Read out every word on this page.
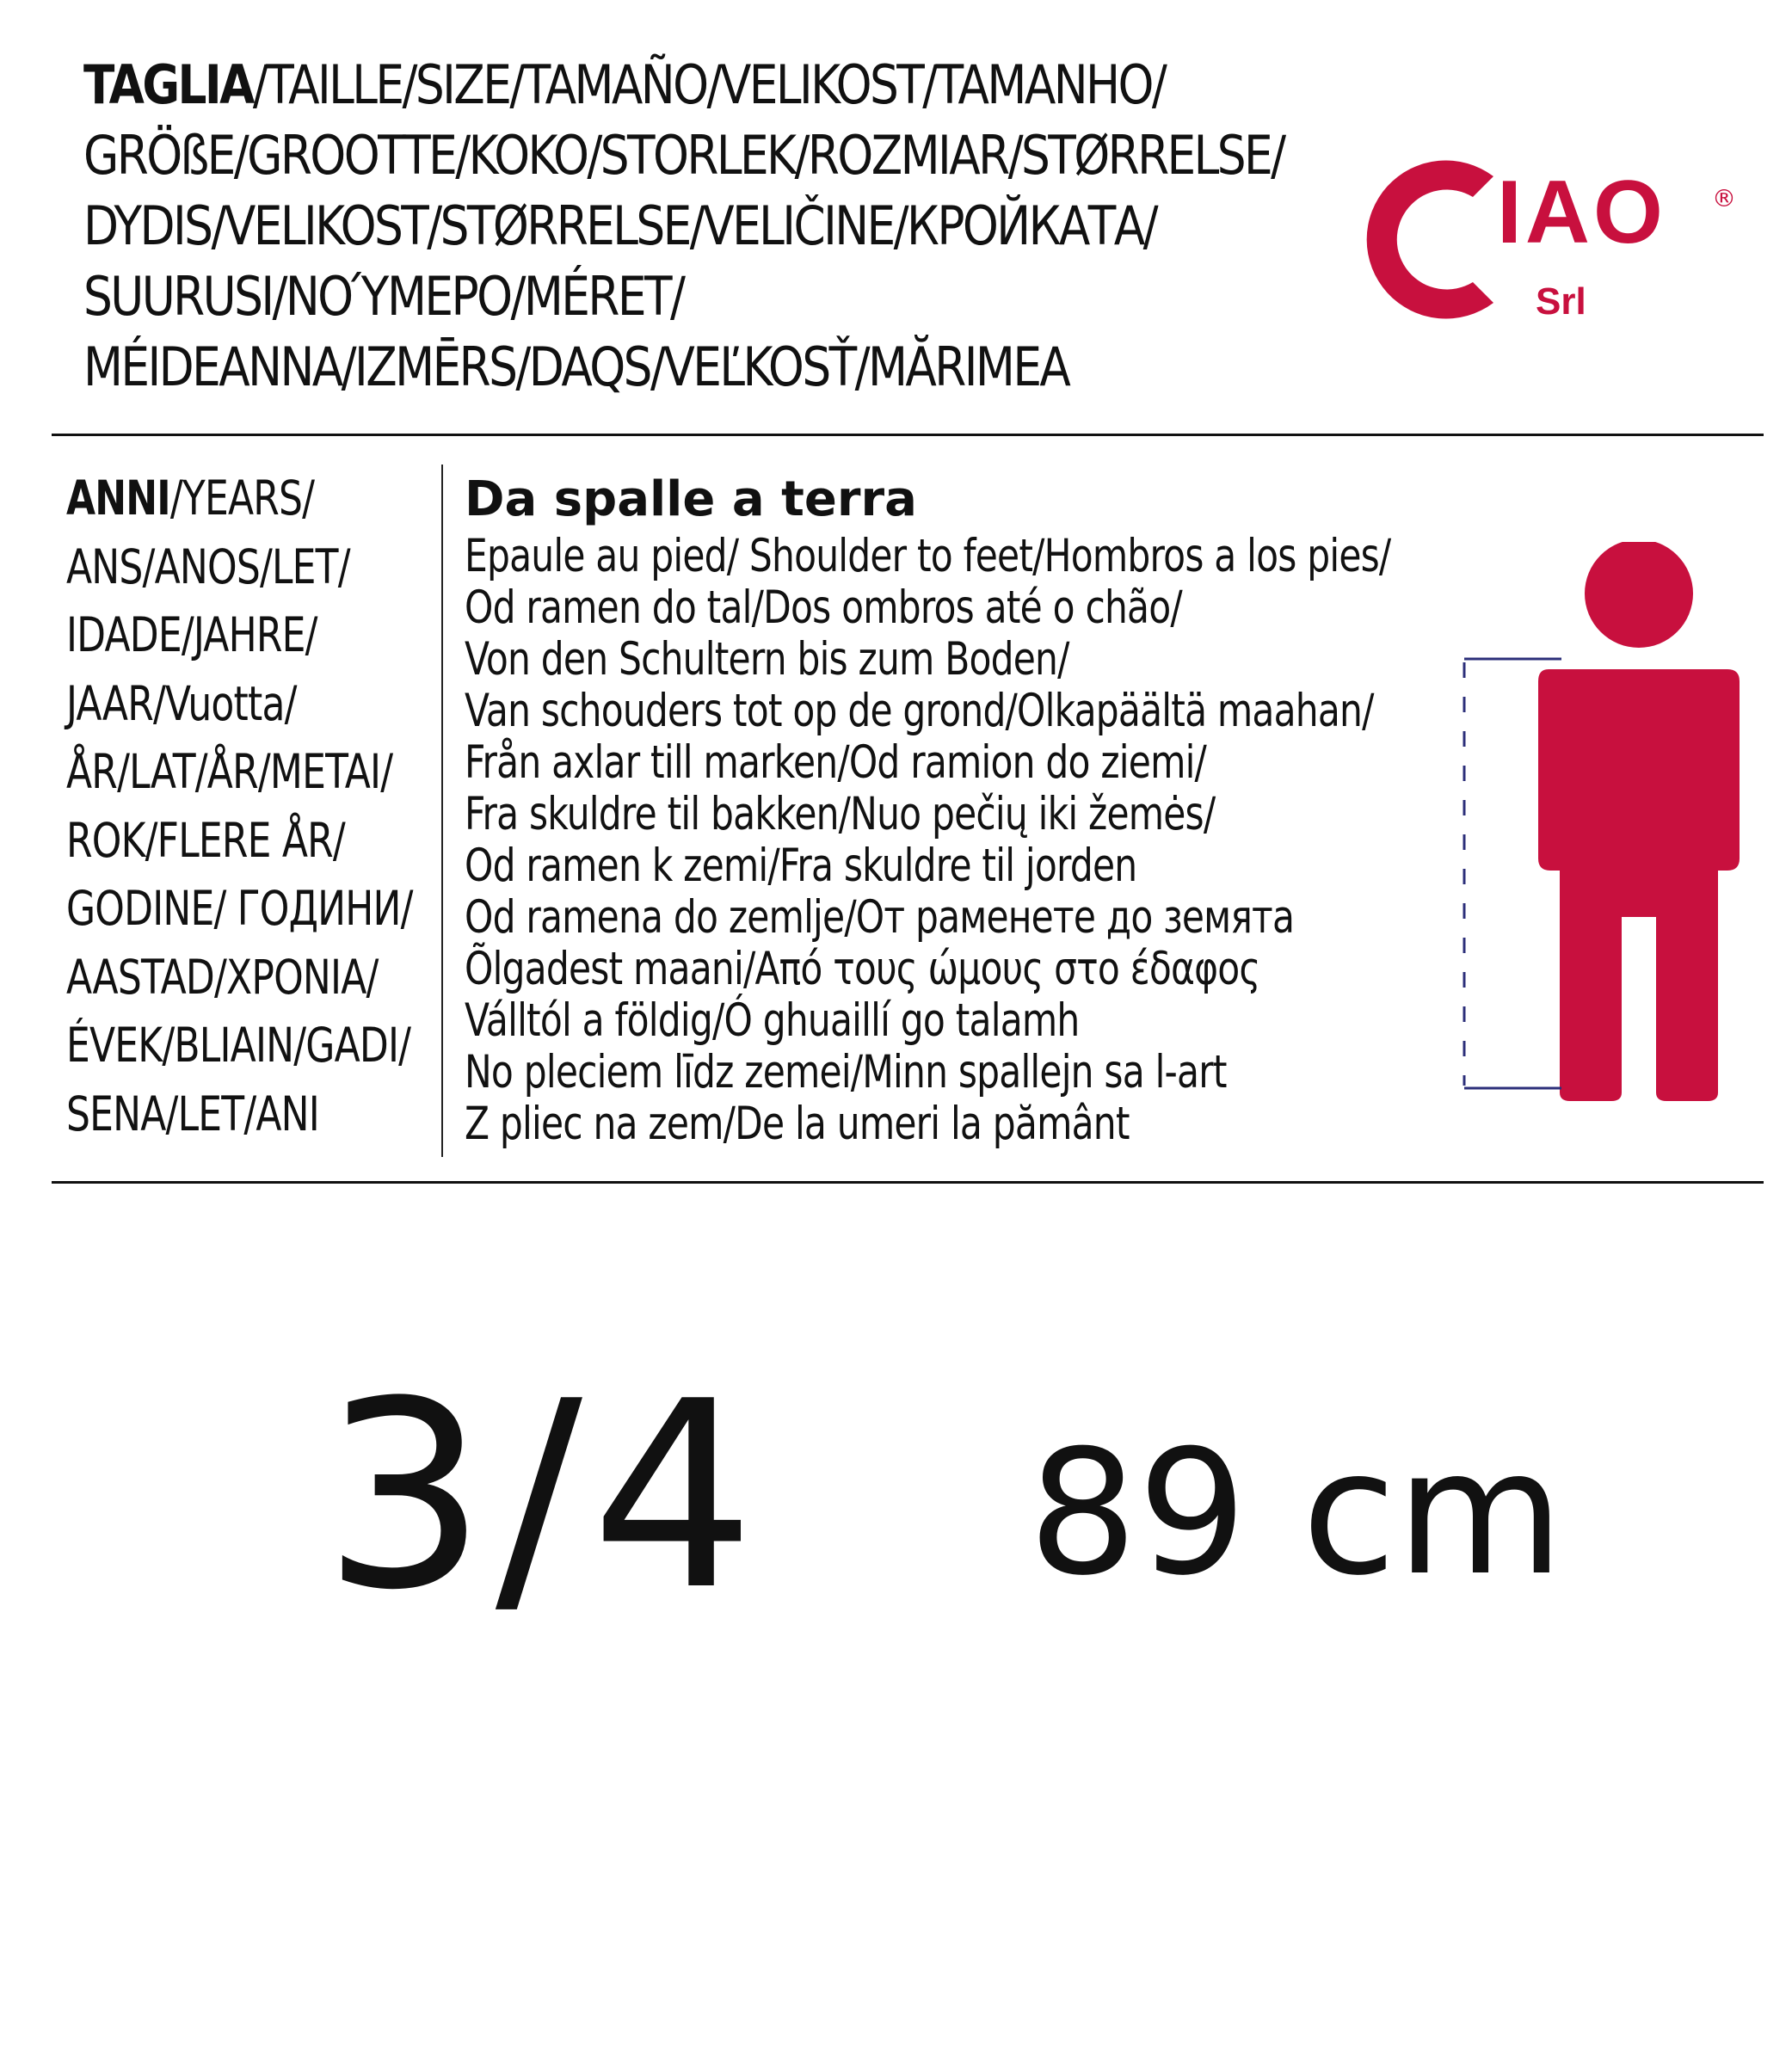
TAGLIA/TAILLE/SIZE/TAMAÑO/VELIKOST/TAMANHO/
GRÖßE/GROOTTE/KOKO/STORLEK/ROZMIAR/STØRRELSE/
DYDIS/VELIKOST/STØRRELSE/VELIČINE/КРОЙКАТА/
SUURUSI/ΝΟΎΜΕΡΟ/MÉRET/
MÉIDEANNA/IZMĒRS/DAQS/VEĽKOSŤ/MĂRIMEA
IAO
Srl
®
ANNI/YEARS/
ANS/ANOS/LET/
IDADE/JAHRE/
JAAR/Vuotta/
ÅR/LAT/ÅR/METAI/
ROK/FLERE ÅR/
GODINE/ ГОДИНИ/
AASTAD/XPONIA/
ÉVEK/BLIAIN/GADI/
SENA/LET/ANI
Da spalle a terra
Epaule au pied/ Shoulder to feet/Hombros a los pies/
Od ramen do tal/Dos ombros até o chão/
Von den Schultern bis zum Boden/
Van schouders tot op de grond/Olkapäältä maahan/
Från axlar till marken/Od ramion do ziemi/
Fra skuldre til bakken/Nuo pečių iki žemės/
Od ramen k zemi/Fra skuldre til jorden
Od ramena do zemlje/От раменете до земята
Õlgadest maani/Από τους ώμους στο έδαφος
Válltól a földig/Ó ghuaillí go talamh
No pleciem līdz zemei/Minn spallejn sa l-art
Z pliec na zem/De la umeri la pământ
3/4 89 cm
